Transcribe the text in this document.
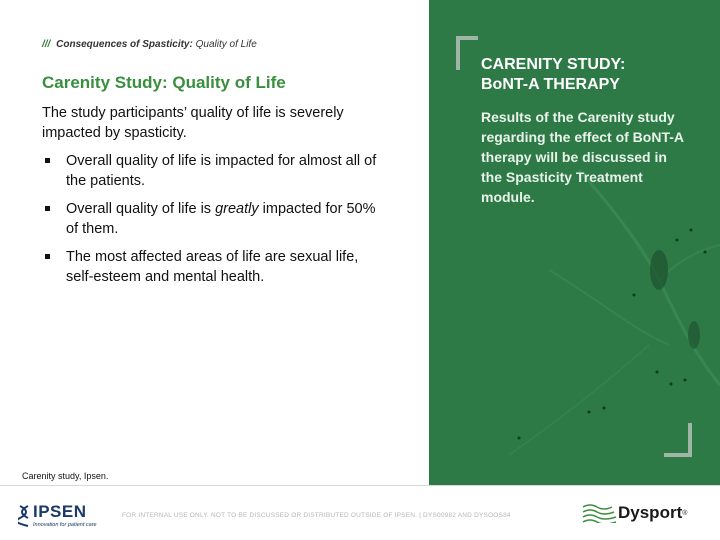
/// Consequences of Spasticity: Quality of Life
Carenity Study: Quality of Life
The study participants’ quality of life is severely impacted by spasticity.
Overall quality of life is impacted for almost all of the patients.
Overall quality of life is greatly impacted for 50% of them.
The most affected areas of life are sexual life, self-esteem and mental health.
Carenity study, Ipsen.
CARENITY STUDY:
BoNT-A THERAPY
Results of the Carenity study regarding the effect of BoNT-A therapy will be discussed in the Spasticity Treatment module.
IPSEN
Innovation for patient care
FOR INTERNAL USE ONLY. NOT TO BE DISCUSSED OR DISTRIBUTED OUTSIDE OF IPSEN. | DYS00982 AND DYSOOS84	Dysport ®
